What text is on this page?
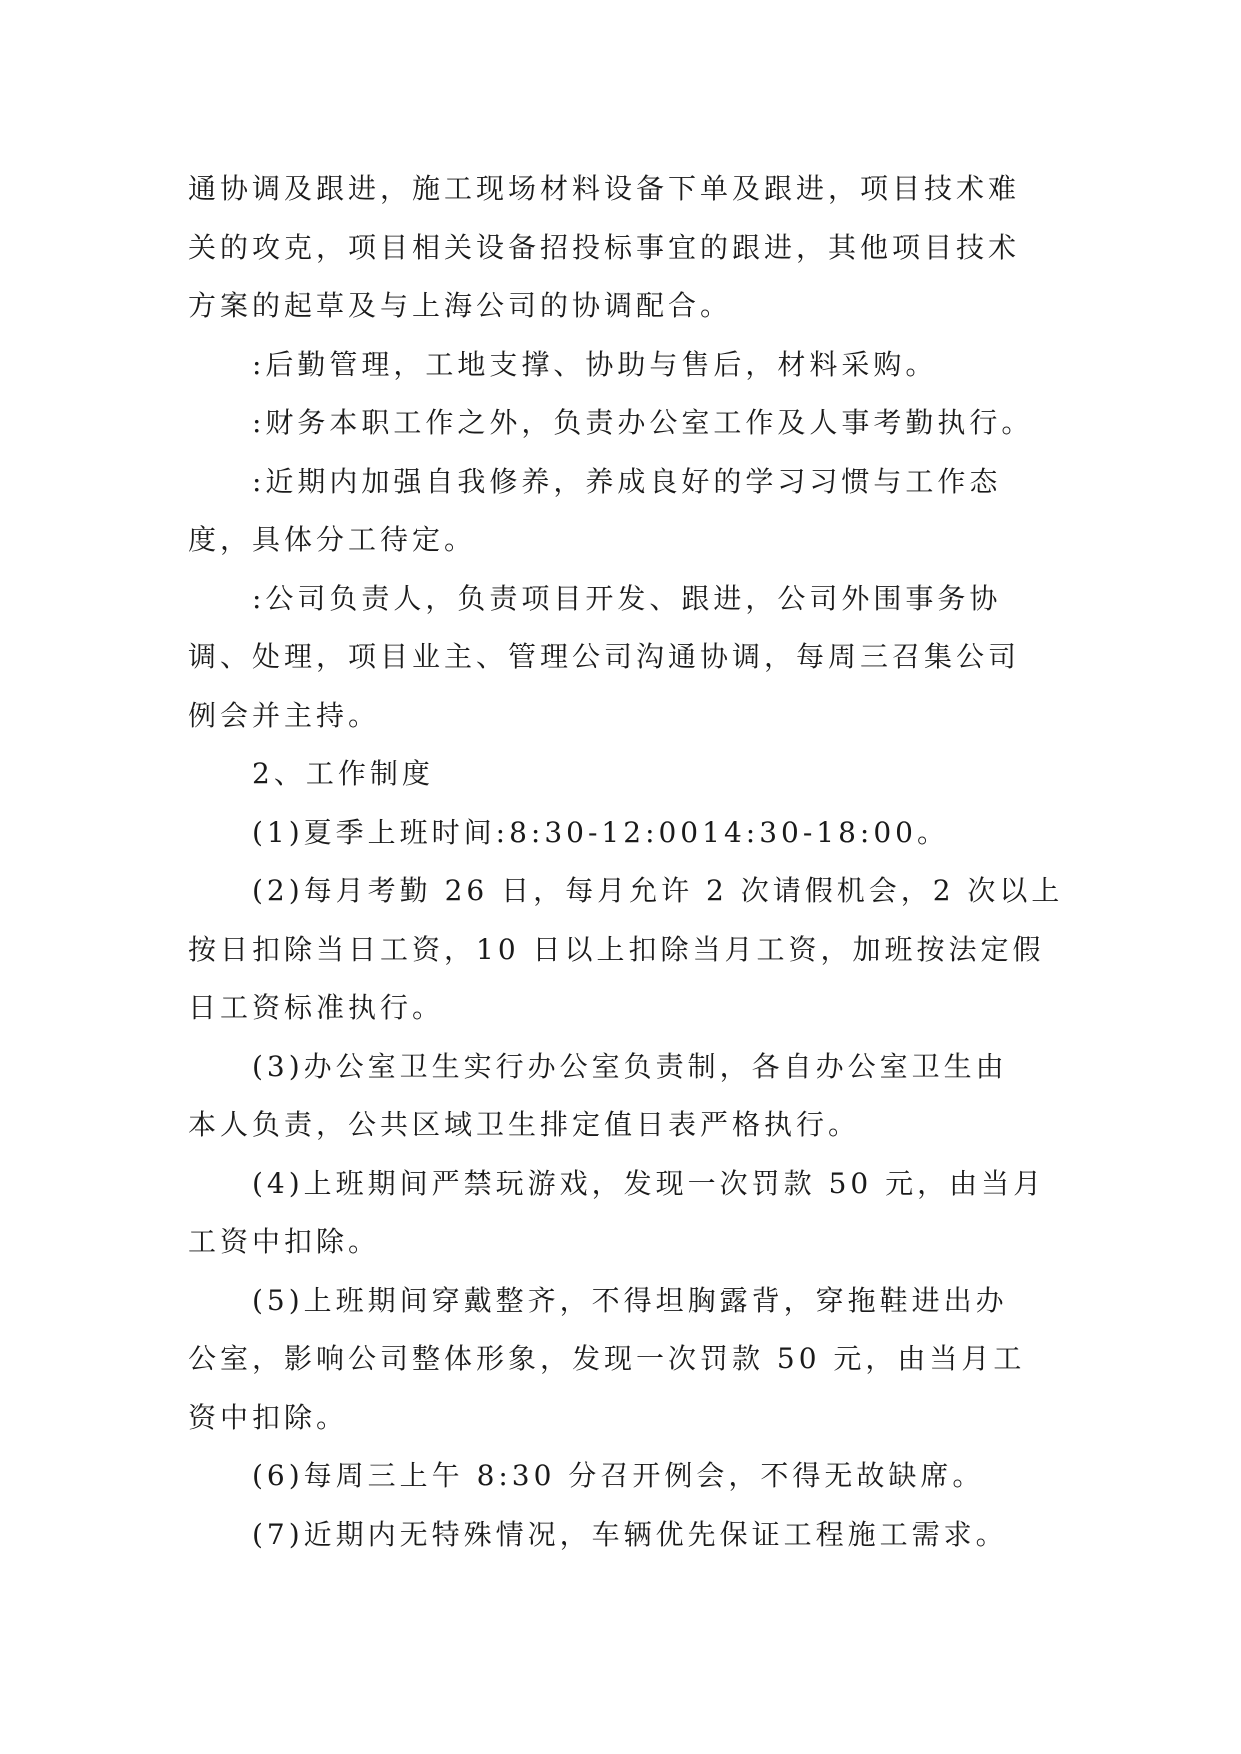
通协调及跟进，施工现场材料设备下单及跟进，项目技术难
关的攻克，项目相关设备招投标事宜的跟进，其他项目技术
方案的起草及与上海公司的协调配合。
:后勤管理，工地支撑、协助与售后，材料采购。
:财务本职工作之外，负责办公室工作及人事考勤执行。
:近期内加强自我修养，养成良好的学习习惯与工作态
度，具体分工待定。
:公司负责人，负责项目开发、跟进，公司外围事务协
调、处理，项目业主、管理公司沟通协调，每周三召集公司
例会并主持。
2、工作制度
(1)夏季上班时间:8:30-12:0014:30-18:00。
(2)每月考勤 26 日，每月允许 2 次请假机会，2 次以上
按日扣除当日工资，10 日以上扣除当月工资，加班按法定假
日工资标准执行。
(3)办公室卫生实行办公室负责制，各自办公室卫生由
本人负责，公共区域卫生排定值日表严格执行。
(4)上班期间严禁玩游戏，发现一次罚款 50 元，由当月
工资中扣除。
(5)上班期间穿戴整齐，不得坦胸露背，穿拖鞋进出办
公室，影响公司整体形象，发现一次罚款 50 元，由当月工
资中扣除。
(6)每周三上午 8:30 分召开例会，不得无故缺席。
(7)近期内无特殊情况，车辆优先保证工程施工需求。
